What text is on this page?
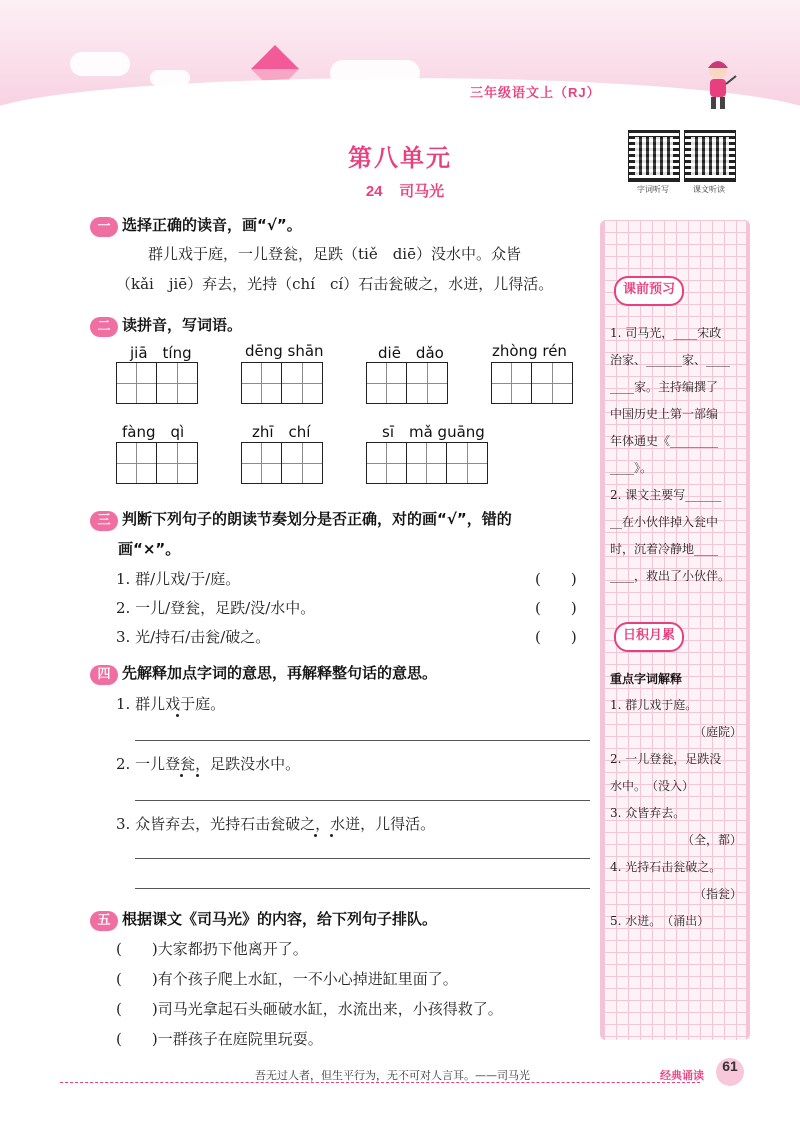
三年级语文上（RJ）
第八单元
24 司马光	字词听写	课文听读
一 选择正确的读音，画“√”。
群儿戏于庭，一儿登瓮，足跌（tiě　diē）没水中。众皆
（kǎi　jiē）弃去，光持（chí　cí）石击瓮破之，水迸，儿得活。
二 读拼音，写词语。
jiā　tíng	dēng shān	diē　dǎo	zhòng rén
fàng　qì	zhī　chí	sī　mǎ guāng
三 判断下列句子的朗读节奏划分是否正确，对的画“√”，错的
画“×”。
1. 群/儿戏/于/庭。	(　　)
2. 一儿/登瓮，足跌/没/水中。	(　　)
3. 光/持石/击瓮/破之。	(　　)
四 先解释加点字词的意思，再解释整句话的意思。
1. 群儿戏于庭。
2. 一儿登瓮，足跌没水中。
3. 众皆弃去，光持石击瓮破之，水迸，儿得活。
五 根据课文《司马光》的内容，给下列句子排队。
(　　)大家都扔下他离开了。
(　　)有个孩子爬上水缸，一不小心掉进缸里面了。
(　　)司马光拿起石头砸破水缸，水流出来，小孩得救了。
(　　)一群孩子在庭院里玩耍。
课前预习
1. 司马光，____宋政
治家、______家、____
____家。主持编撰了
中国历史上第一部编
年体通史《________
____》。
2. 课文主要写______
__在小伙伴掉入瓮中
时，沉着冷静地____
____，救出了小伙伴。
日积月累
重点字词解释
1. 群儿戏于庭。
（庭院）
2. 一儿登瓮，足跌没
水中。　（没入）
3. 众皆弃去。
（全，都）
4. 光持石击瓮破之。
（指瓮）
5. 水迸。　（涌出）
吾无过人者，但生平行为，无不可对人言耳。——司马光	经典诵读
61
